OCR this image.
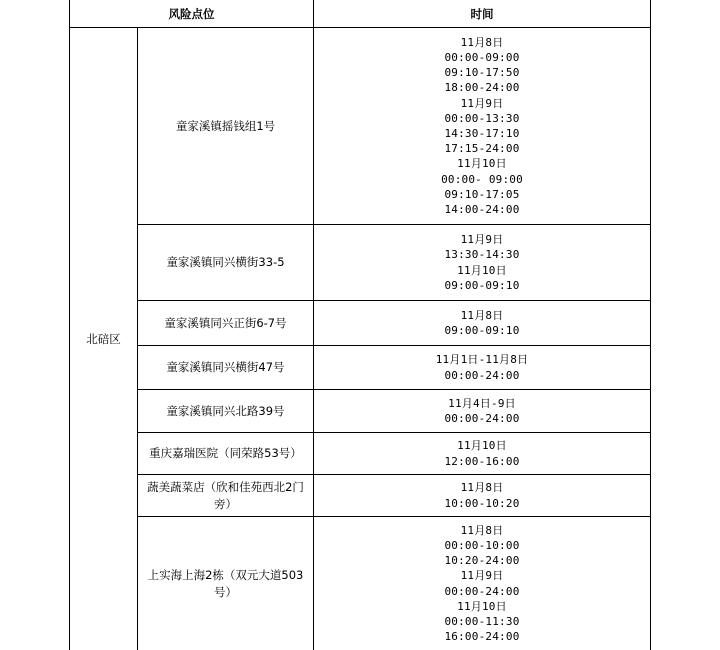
风险点位	时间
北碚区
童家溪镇摇钱组1号
11月8日
00:00-09:00
09:10-17:50
18:00-24:00
11月9日
00:00-13:30
14:30-17:10
17:15-24:00
11月10日
00:00- 09:00
09:10-17:05
14:00-24:00
童家溪镇同兴横街33-5
11月9日
13:30-14:30
11月10日
09:00-09:10
童家溪镇同兴正街6-7号
11月8日
09:00-09:10
童家溪镇同兴横街47号
11月1日-11月8日
00:00-24:00
童家溪镇同兴北路39号
11月4日-9日
00:00-24:00
重庆嘉瑞医院（同荣路53号）
11月10日
12:00-16:00
蔬美蔬菜店（欣和佳苑西北2门旁）
11月8日
10:00-10:20
上实海上海2栋（双元大道503号）
11月8日
00:00-10:00
10:20-24:00
11月9日
00:00-24:00
11月10日
00:00-11:30
16:00-24:00
